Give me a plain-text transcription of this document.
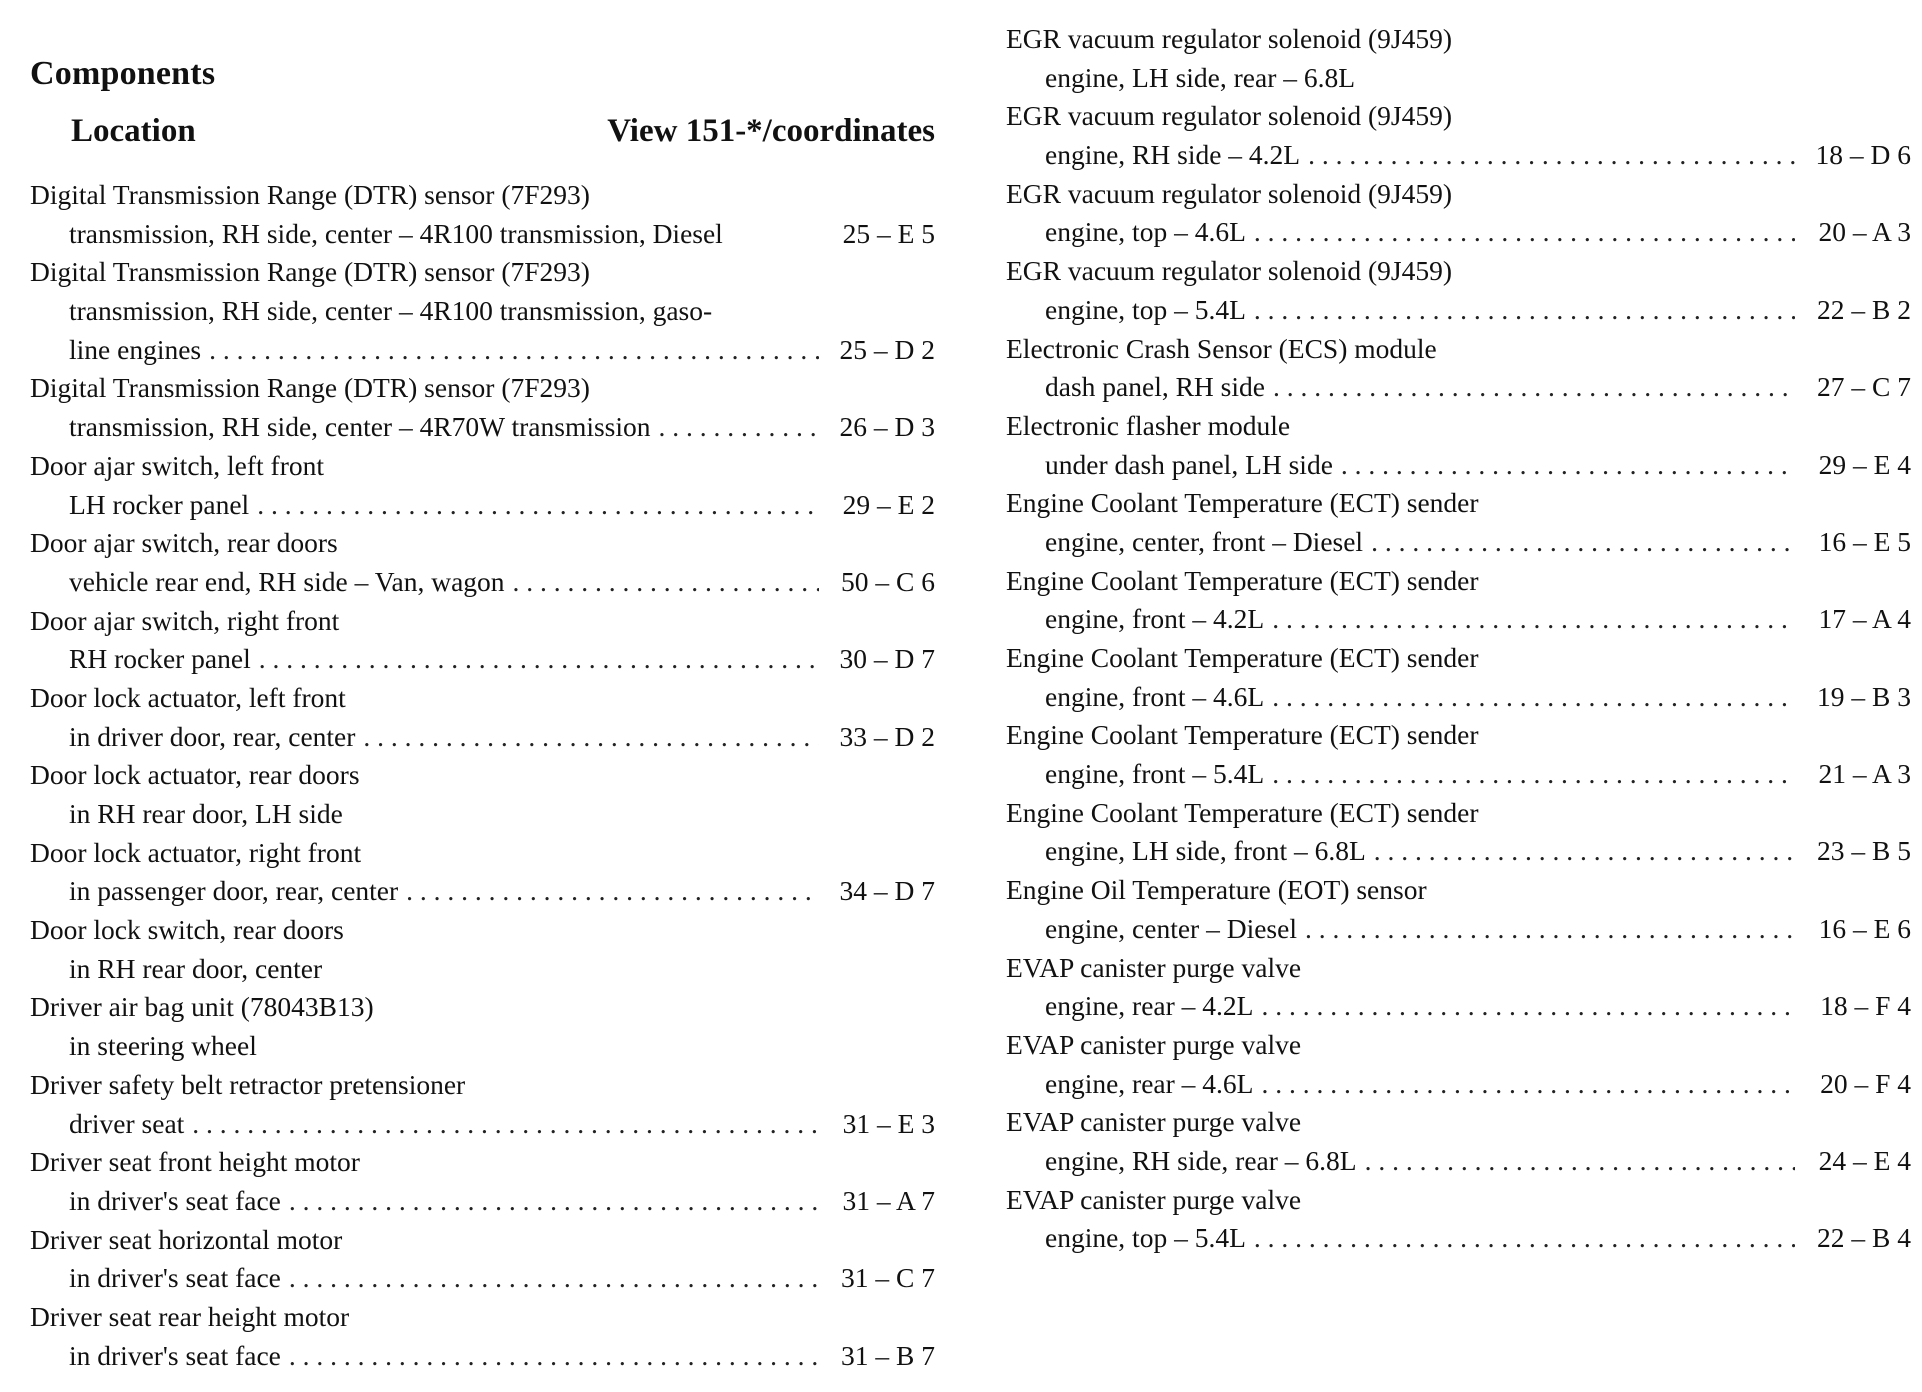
Components
Location	View 151-*/coordinates
Digital Transmission Range (DTR) sensor (7F293)
transmission, RH side, center – 4R100 transmission, Diesel	25 – E 5
Digital Transmission Range (DTR) sensor (7F293)
transmission, RH side, center – 4R100 transmission, gaso-
line engines . . .	25 – D 2
Digital Transmission Range (DTR) sensor (7F293)
transmission, RH side, center – 4R70W transmission . . .	26 – D 3
Door ajar switch, left front
LH rocker panel . . .	29 – E 2
Door ajar switch, rear doors
vehicle rear end, RH side – Van, wagon . . .	50 – C 6
Door ajar switch, right front
RH rocker panel . . .	30 – D 7
Door lock actuator, left front
in driver door, rear, center . . .	33 – D 2
Door lock actuator, rear doors
in RH rear door, LH side
Door lock actuator, right front
in passenger door, rear, center . . .	34 – D 7
Door lock switch, rear doors
in RH rear door, center
Driver air bag unit (78043B13)
in steering wheel
Driver safety belt retractor pretensioner
driver seat . . .	31 – E 3
Driver seat front height motor
in driver's seat face . . .	31 – A 7
Driver seat horizontal motor
in driver's seat face . . .	31 – C 7
Driver seat rear height motor
in driver's seat face . . .	31 – B 7
EGR vacuum regulator solenoid (9J459)
engine, LH side, rear – 6.8L
EGR vacuum regulator solenoid (9J459)
engine, RH side – 4.2L . . .	18 – D 6
EGR vacuum regulator solenoid (9J459)
engine, top – 4.6L . . .	20 – A 3
EGR vacuum regulator solenoid (9J459)
engine, top – 5.4L . . .	22 – B 2
Electronic Crash Sensor (ECS) module
dash panel, RH side . . .	27 – C 7
Electronic flasher module
under dash panel, LH side . . .	29 – E 4
Engine Coolant Temperature (ECT) sender
engine, center, front – Diesel . . .	16 – E 5
Engine Coolant Temperature (ECT) sender
engine, front – 4.2L . . .	17 – A 4
Engine Coolant Temperature (ECT) sender
engine, front – 4.6L . . .	19 – B 3
Engine Coolant Temperature (ECT) sender
engine, front – 5.4L . . .	21 – A 3
Engine Coolant Temperature (ECT) sender
engine, LH side, front – 6.8L . . .	23 – B 5
Engine Oil Temperature (EOT) sensor
engine, center – Diesel . . .	16 – E 6
EVAP canister purge valve
engine, rear – 4.2L . . .	18 – F 4
EVAP canister purge valve
engine, rear – 4.6L . . .	20 – F 4
EVAP canister purge valve
engine, RH side, rear – 6.8L . . .	24 – E 4
EVAP canister purge valve
engine, top – 5.4L . . .	22 – B 4
